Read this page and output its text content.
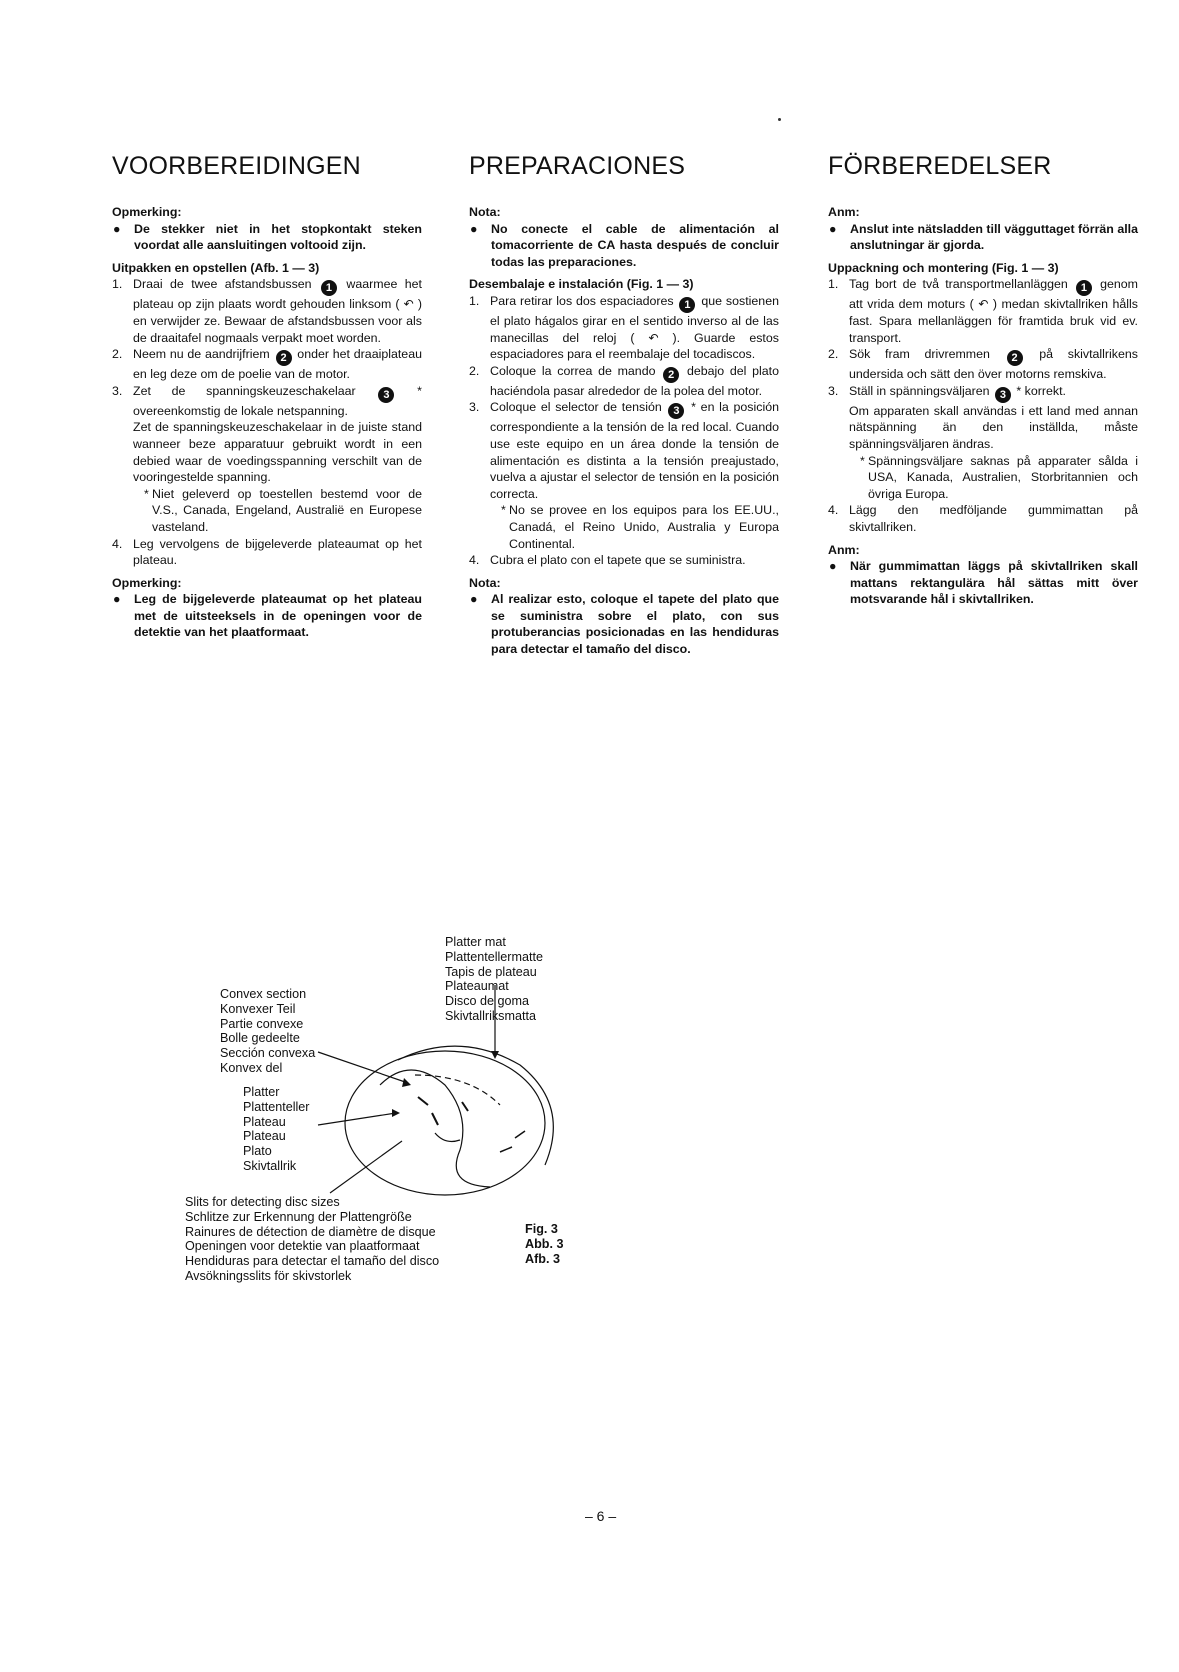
VOORBEREIDINGEN

Opmerking:

●	De stekker niet in het stopkontakt steken voordat alle aansluitingen voltooid zijn.

Uitpakken en opstellen (Afb. 1 — 3)

1. Draai de twee afstandsbussen 1 waarmee het plateau op zijn plaats wordt gehouden linksom ( ↶ ) en verwijder ze. Bewaar de afstandsbussen voor als de draaitafel nogmaals verpakt moet worden.
2. Neem nu de aandrijfriem 2 onder het draaiplateau en leg deze om de poelie van de motor.
3. Zet de spanningskeuzeschakelaar	3 * overeenkomstig de lokale netspanning.
Zet de spanningskeuzeschakelaar in de juiste stand wanneer beze apparatuur gebruikt wordt in een debied waar de voedingsspanning verschilt van de vooringestelde spanning.
* Niet geleverd op toestellen bestemd voor de V.S., Canada, Engeland, Australië en Europese vasteland.
4. Leg vervolgens de bijgeleverde plateaumat op het plateau.

Opmerking:

●	Leg de bijgeleverde plateaumat op het plateau met de uitsteeksels in de openingen voor de detektie van het plaatformaat.
PREPARACIONES

Nota:

●	No conecte el cable de alimentación al tomacorriente de CA hasta después de concluir todas las preparaciones.

Desembalaje e instalación (Fig. 1 — 3)

1. Para retirar los dos espaciadores 1 que sostienen el plato hágalos girar en el sentido inverso al de las manecillas del reloj ( ↶ ). Guarde estos espaciadores para el reembalaje del tocadiscos.
2. Coloque la correa de mando 2 debajo del plato haciéndola pasar alrededor de la polea del motor.
3. Coloque el selector de tensión 3 * en la posición correspondiente a la tensión de la red local. Cuando use este equipo en un área donde la tensión de alimentación es distinta a la tensión preajustado, vuelva a ajustar el selector de tensión en la posición correcta.
* No se provee en los equipos para los EE.UU., Canadá, el Reino Unido, Australia y Europa Continental.
4. Cubra el plato con el tapete que se suministra.

Nota:

●	Al realizar esto, coloque el tapete del plato que se suministra sobre el plato, con sus protuberancias posicionadas en las hendiduras para detectar el tamaño del disco.
FÖRBEREDELSER

Anm:

●	Anslut inte nätsladden till vägguttaget förrän alla anslutningar är gjorda.

Uppackning och montering (Fig. 1 — 3)

1. Tag bort de två transportmellanläggen 1 genom att vrida dem moturs ( ↶ ) medan skivtallriken hålls fast. Spara mellanläggen för framtida bruk vid ev. transport.
2. Sök fram drivremmen 2 på skivtallrikens undersida och sätt den över motorns remskiva.
3. Ställ in spänningsväljaren 3 * korrekt.
Om apparaten skall användas i ett land med annan nätspänning än den inställda, måste spänningsväljaren ändras.
* Spänningsväljare saknas på apparater sålda i USA, Kanada, Australien, Storbritannien och övriga Europa.
4. Lägg den medföljande gummimattan på skivtallriken.

Anm:

●	När gummimattan läggs på skivtallriken skall mattans rektangulära hål sättas mitt över motsvarande hål i skivtallriken.
Platter mat
Plattentellermatte
Tapis de plateau
Plateaumat
Disco de goma
Skivtallriksmatta
Convex section
Konvexer Teil
Partie convexe
Bolle gedeelte
Sección convexa
Konvex del
Platter
Plattenteller
Plateau
Plateau
Plato
Skivtallrik
Slits for detecting disc sizes
Schlitze zur Erkennung der Plattengröße
Rainures de détection de diamètre de disque
Openingen voor detektie van plaatformaat
Hendiduras para detectar el tamaño del disco
Avsökningsslits för skivstorlek
Fig. 3
Abb. 3
Afb. 3
– 6 –
